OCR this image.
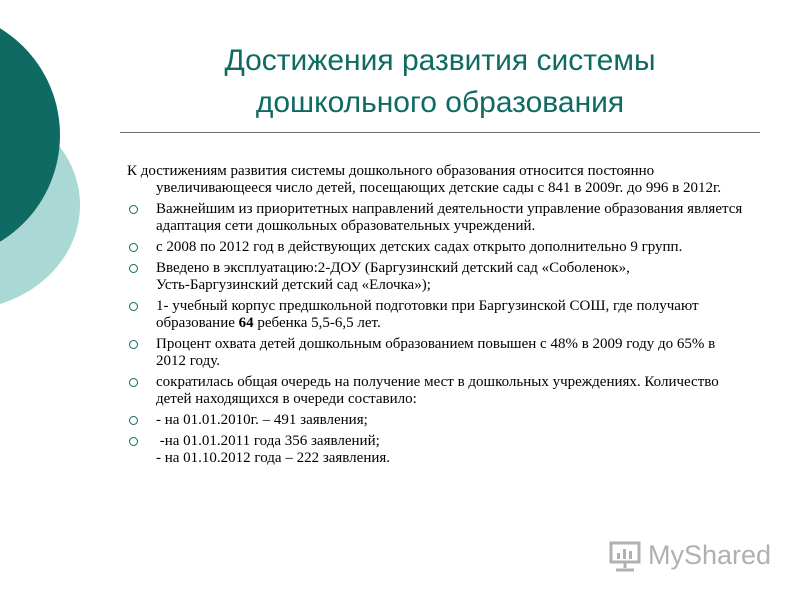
Достижения развития системы
дошкольного образования

К достижениям развития системы дошкольного образования относится постоянно увеличивающееся число детей, посещающих детские сады с 841 в 2009г. до 996 в 2012г.

Важнейшим из приоритетных направлений деятельности управление образования является адаптация сети дошкольных образовательных учреждений.
с 2008 по 2012 год в действующих детских садах открыто дополнительно 9 групп.
Введено в эксплуатацию:2-ДОУ (Баргузинский детский сад «Соболенок»,
Усть-Баргузинский детский сад «Елочка»);
1- учебный корпус предшкольной подготовки при Баргузинской СОШ, где получают образование 64 ребенка 5,5-6,5 лет.
Процент охвата детей дошкольным образованием повышен с 48% в 2009 году до 65% в 2012 году.
сократилась общая очередь на получение мест в дошкольных учреждениях. Количество детей находящихся в очереди составило:
- на 01.01.2010г. – 491 заявления;
-на 01.01.2011 года 356 заявлений;
- на 01.10.2012 года – 222 заявления.
MyShared
